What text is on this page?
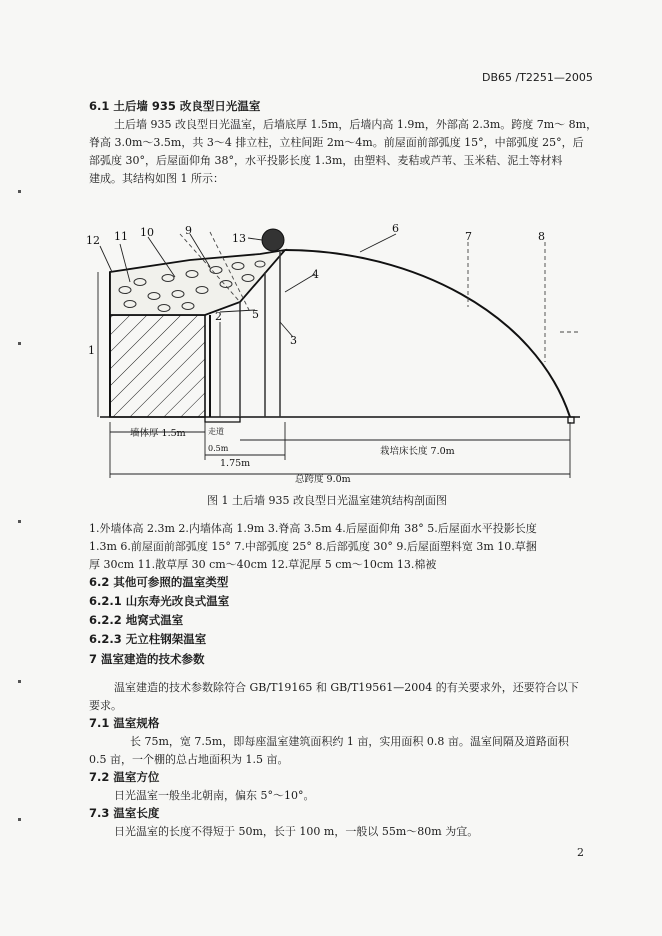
DB65 /T2251—2005
6.1 土后墙 935 改良型日光温室
土后墙 935 改良型日光温室，后墙底厚 1.5m，后墙内高 1.9m，外部高 2.3m。跨度 7m～ 8m，
脊高 3.0m～3.5m，共 3～4 排立柱，立柱间距 2m～4m。前屋面前部弧度 15°，中部弧度 25°，后
部弧度 30°，后屋面仰角 38°，水平投影长度 1.3m，由塑料、麦秸或芦苇、玉米秸、泥土等材料
建成。其结构如图 1 所示：
12 11 10	9
13
6
7	8
4
5
1
2
3
墙体厚 1.5m	走道
0.5m	栽培床长度 7.0m
1.75m
总跨度 9.0m
图 1 土后墙 935 改良型日光温室建筑结构剖面图
1.外墙体高 2.3m 2.内墙体高 1.9m 3.脊高 3.5m 4.后屋面仰角 38° 5.后屋面水平投影长度
1.3m 6.前屋面前部弧度 15° 7.中部弧度 25° 8.后部弧度 30° 9.后屋面塑料宽 3m 10.草捆
厚 30cm 11.散草厚 30 cm～40cm 12.草泥厚 5 cm～10cm 13.棉被
6.2 其他可参照的温室类型
6.2.1 山东寿光改良式温室
6.2.2 地窝式温室
6.2.3 无立柱钢架温室
7 温室建造的技术参数
温室建造的技术参数除符合 GB/T19165 和 GB/T19561—2004 的有关要求外，还要符合以下
要求。
7.1 温室规格
长 75m，宽 7.5m，即每座温室建筑面积约 1 亩，实用面积 0.8 亩。温室间隔及道路面积
0.5 亩，一个棚的总占地面积为 1.5 亩。
7.2 温室方位
日光温室一般坐北朝南，偏东 5°～10°。
7.3 温室长度
日光温室的长度不得短于 50m，长于 100 m，一般以 55m～80m 为宜。
2
